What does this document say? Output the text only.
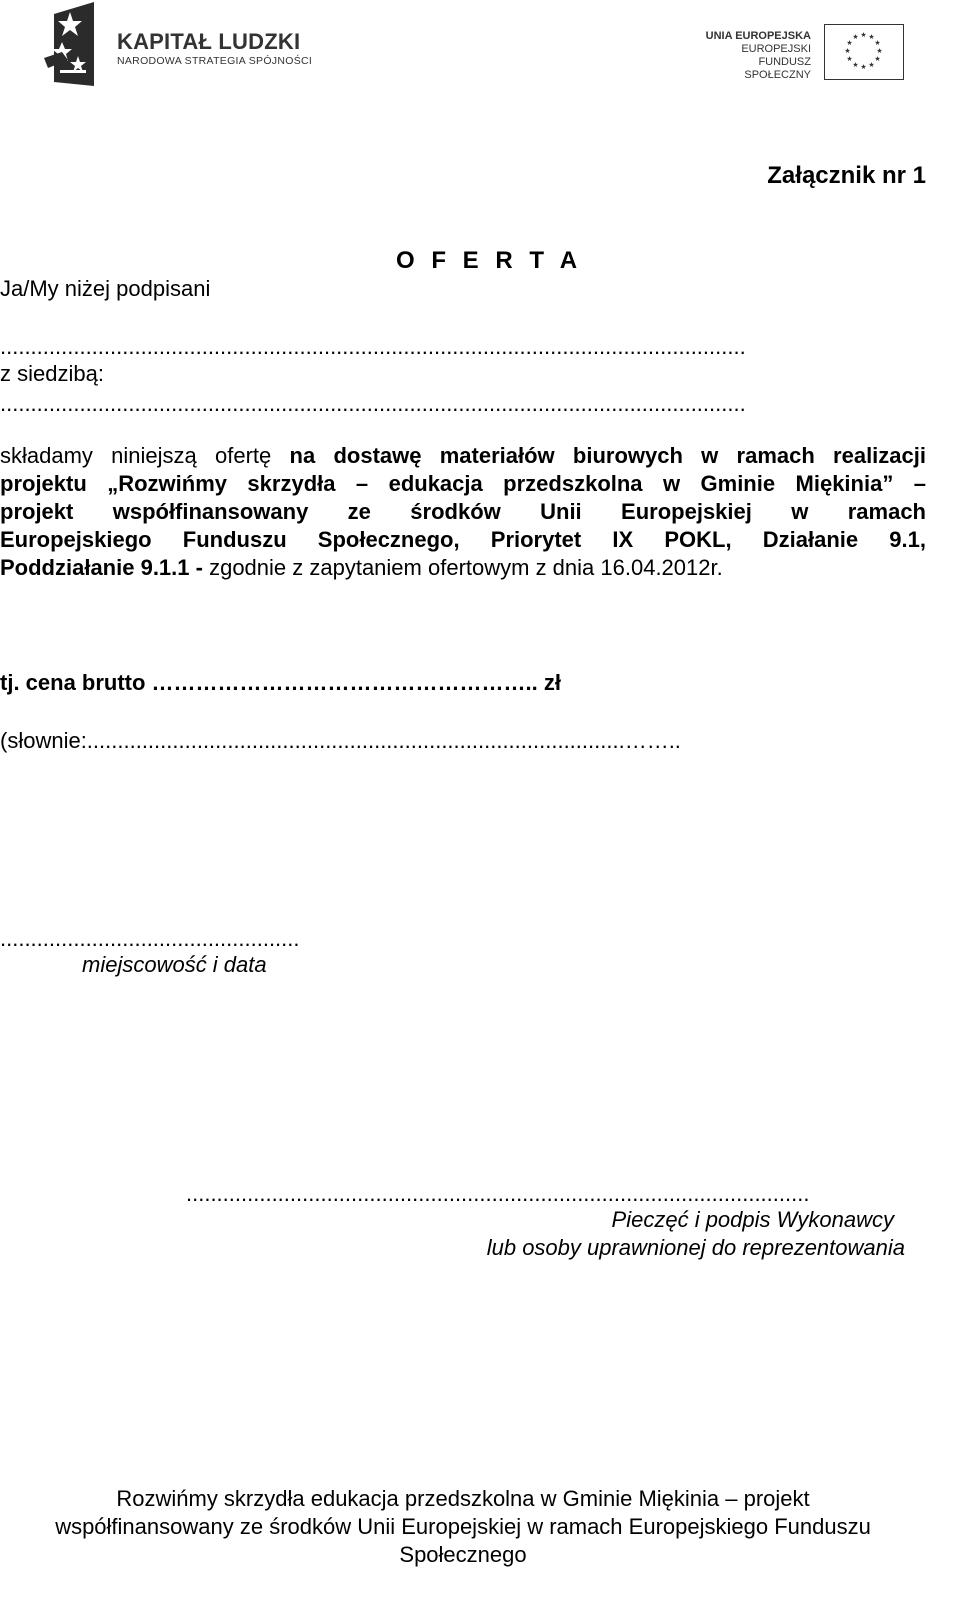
KAPITAŁ LUDZKI
NARODOWA STRATEGIA SPÓJNOŚCI
UNIA EUROPEJSKA
EUROPEJSKI
FUNDUSZ SPOŁECZNY
★ ★
★
★
★
★
★
★
★
★
★
★
Załącznik nr 1
O F E R T A
Ja/My niżej podpisani
..........................................................................................................................
z siedzibą:
..........................................................................................................................
składamy niniejszą ofertę na dostawę materiałów biurowych w ramach realizacji
projektu „Rozwińmy skrzydła – edukacja przedszkolna w Gminie Miękinia” –
projekt współfinansowany ze środków Unii Europejskiej w ramach
Europejskiego Funduszu Społecznego, Priorytet IX POKL, Działanie 9.1,
Poddziałanie 9.1.1 - zgodnie z zapytaniem ofertowym z dnia 16.04.2012r.
tj. cena brutto …………………………………………….. zł
(słownie:........................................................................................……..
.................................................
miejscowość i data
......................................................................................................
Pieczęć i podpis Wykonawcy
lub osoby uprawnionej do reprezentowania
Rozwińmy skrzydła edukacja przedszkolna w Gminie Miękinia – projekt
współfinansowany ze środków Unii Europejskiej w ramach Europejskiego Funduszu
Społecznego
